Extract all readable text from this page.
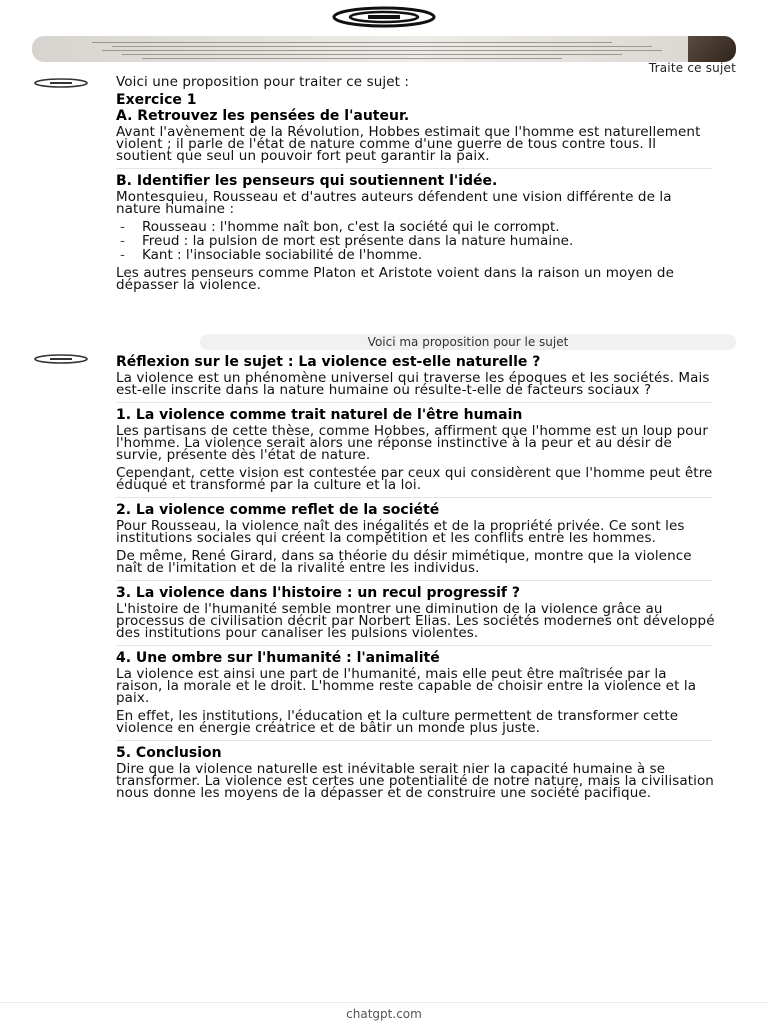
Traite ce sujet
Voici une proposition pour traiter ce sujet :
Exercice 1
A. Retrouvez les pensées de l'auteur.
Avant l'avènement de la Révolution, Hobbes estimait que l'homme est naturellement violent ; il parle de l'état de nature comme d'une guerre de tous contre tous. Il soutient que seul un pouvoir fort peut garantir la paix.
B. Identifier les penseurs qui soutiennent l'idée.
Montesquieu, Rousseau et d'autres auteurs défendent une vision différente de la nature humaine :
- Rousseau : l'homme naît bon, c'est la société qui le corrompt.
- Freud : la pulsion de mort est présente dans la nature humaine.
- Kant : l'insociable sociabilité de l'homme.
Les autres penseurs comme Platon et Aristote voient dans la raison un moyen de dépasser la violence.
Voici ma proposition pour le sujet
Réflexion sur le sujet : La violence est-elle naturelle ?
La violence est un phénomène universel qui traverse les époques et les sociétés. Mais est-elle inscrite dans la nature humaine ou résulte-t-elle de facteurs sociaux ?
1. La violence comme trait naturel de l'être humain
Les partisans de cette thèse, comme Hobbes, affirment que l'homme est un loup pour l'homme. La violence serait alors une réponse instinctive à la peur et au désir de survie, présente dès l'état de nature.
Cependant, cette vision est contestée par ceux qui considèrent que l'homme peut être éduqué et transformé par la culture et la loi.
2. La violence comme reflet de la société
Pour Rousseau, la violence naît des inégalités et de la propriété privée. Ce sont les institutions sociales qui créent la compétition et les conflits entre les hommes.
De même, René Girard, dans sa théorie du désir mimétique, montre que la violence naît de l'imitation et de la rivalité entre les individus.
3. La violence dans l'histoire : un recul progressif ?
L'histoire de l'humanité semble montrer une diminution de la violence grâce au processus de civilisation décrit par Norbert Elias. Les sociétés modernes ont développé des institutions pour canaliser les pulsions violentes.
4. Une ombre sur l'humanité : l'animalité
La violence est ainsi une part de l'humanité, mais elle peut être maîtrisée par la raison, la morale et le droit. L'homme reste capable de choisir entre la violence et la paix.
En effet, les institutions, l'éducation et la culture permettent de transformer cette violence en énergie créatrice et de bâtir un monde plus juste.
5. Conclusion
Dire que la violence naturelle est inévitable serait nier la capacité humaine à se transformer. La violence est certes une potentialité de notre nature, mais la civilisation nous donne les moyens de la dépasser et de construire une société pacifique.
chatgpt.com
